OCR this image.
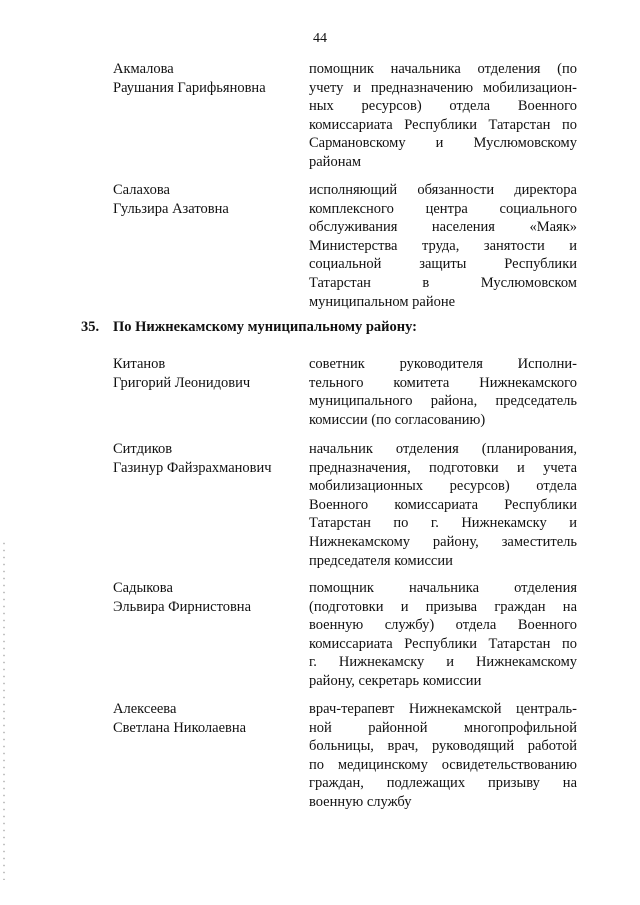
44
Акмалова
Раушания Гарифьяновна
помощник начальника отделения (по
учету и предназначению мобилизацион-
ных ресурсов) отдела Военного
комиссариата Республики Татарстан по
Сармановскому и Муслюмовскому
районам
Салахова
Гульзира Азатовна
исполняющий обязанности директора
комплексного центра социального
обслуживания населения «Маяк»
Министерства труда, занятости и
социальной защиты Республики
Татарстан в Муслюмовском
муниципальном районе
35. По Нижнекамскому муниципальному району:
Китанов
Григорий Леонидович
советник руководителя Исполни-
тельного комитета Нижнекамского
муниципального района, председатель
комиссии (по согласованию)
Ситдиков
Газинур Файзрахманович
начальник отделения (планирования,
предназначения, подготовки и учета
мобилизационных ресурсов) отдела
Военного комиссариата Республики
Татарстан по г. Нижнекамску и
Нижнекамскому району, заместитель
председателя комиссии
Садыкова
Эльвира Фирнистовна
помощник начальника отделения
(подготовки и призыва граждан на
военную службу) отдела Военного
комиссариата Республики Татарстан по
г. Нижнекамску и Нижнекамскому
району, секретарь комиссии
Алексеева
Светлана Николаевна
врач-терапевт Нижнекамской централь-
ной районной многопрофильной
больницы, врач, руководящий работой
по медицинскому освидетельствованию
граждан, подлежащих призыву на
военную службу
